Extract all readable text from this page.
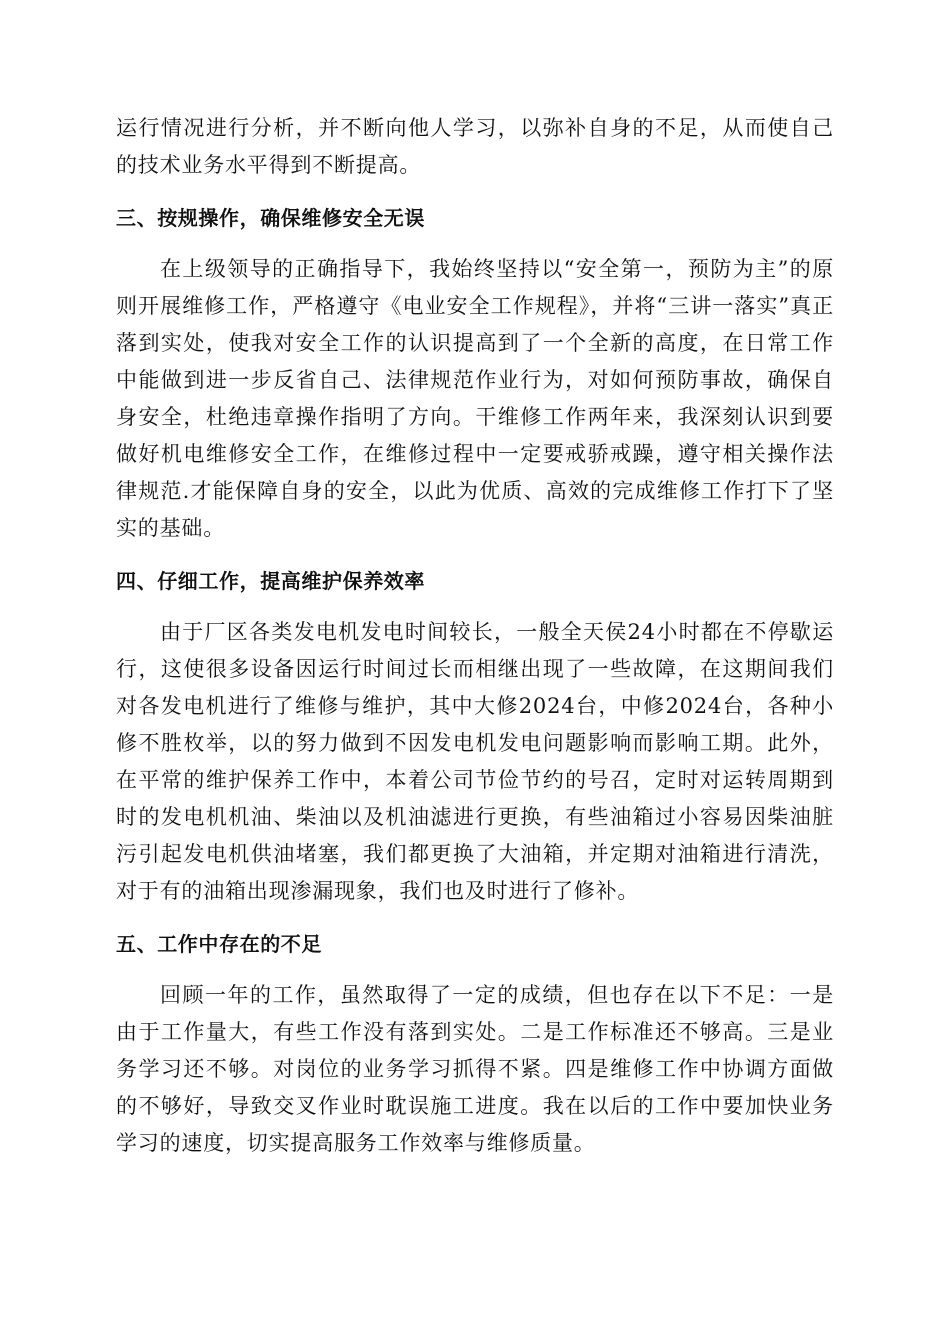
运行情况进行分析，并不断向他人学习，以弥补自身的不足，从而使自己的技术业务水平得到不断提高。

三、按规操作，确保维修安全无误

在上级领导的正确指导下，我始终坚持以“安全第一，预防为主”的原则开展维修工作，严格遵守《电业安全工作规程》，并将“三讲一落实”真正落到实处，使我对安全工作的认识提高到了一个全新的高度，在日常工作中能做到进一步反省自己、法律规范作业行为，对如何预防事故，确保自身安全，杜绝违章操作指明了方向。干维修工作两年来，我深刻认识到要做好机电维修安全工作，在维修过程中一定要戒骄戒躁，遵守相关操作法律规范.才能保障自身的安全，以此为优质、高效的完成维修工作打下了坚实的基础。

四、仔细工作，提高维护保养效率

由于厂区各类发电机发电时间较长，一般全天侯24小时都在不停歇运行，这使很多设备因运行时间过长而相继出现了一些故障，在这期间我们对各发电机进行了维修与维护，其中大修2024台，中修2024台，各种小修不胜枚举，以的努力做到不因发电机发电问题影响而影响工期。此外，在平常的维护保养工作中，本着公司节俭节约的号召，定时对运转周期到时的发电机机油、柴油以及机油滤进行更换，有些油箱过小容易因柴油脏污引起发电机供油堵塞，我们都更换了大油箱，并定期对油箱进行清洗，对于有的油箱出现渗漏现象，我们也及时进行了修补。

五、工作中存在的不足

回顾一年的工作，虽然取得了一定的成绩，但也存在以下不足：一是由于工作量大，有些工作没有落到实处。二是工作标准还不够高。三是业务学习还不够。对岗位的业务学习抓得不紧。四是维修工作中协调方面做的不够好，导致交叉作业时耽误施工进度。我在以后的工作中要加快业务学习的速度，切实提高服务工作效率与维修质量。
